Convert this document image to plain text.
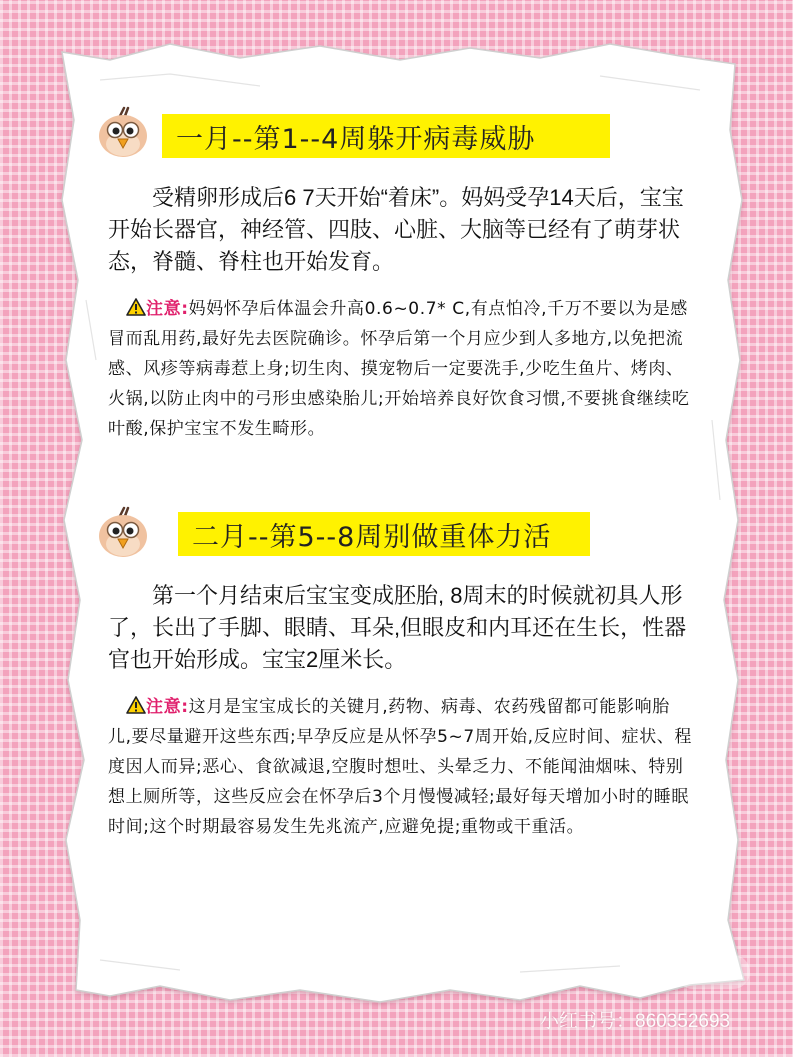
一月--第1--4周躲开病毒威胁

受精卵形成后6 7天开始“着床”。妈妈受孕14天后，宝宝开始长器官，神经管、四肢、心脏、大脑等已经有了萌芽状态，脊髓、脊柱也开始发育。

注意:妈妈怀孕后体温会升高0.6~0.7* C,有点怕冷,千万不要以为是感冒而乱用药,最好先去医院确诊。怀孕后第一个月应少到人多地方,以免把流感、风疹等病毒惹上身;切生肉、摸宠物后一定要洗手,少吃生鱼片、烤肉、火锅,以防止肉中的弓形虫感染胎儿;开始培养良好饮食习惯,不要挑食继续吃叶酸,保护宝宝不发生畸形。

二月--第5--8周别做重体力活

第一个月结束后宝宝变成胚胎, 8周末的时候就初具人形了，长出了手脚、眼睛、耳朵,但眼皮和内耳还在生长，性器官也开始形成。宝宝2厘米长。

注意:这月是宝宝成长的关键月,药物、病毒、农药残留都可能影响胎儿,要尽量避开这些东西;早孕反应是从怀孕5~7周开始,反应时间、症状、程度因人而异;恶心、食欲减退,空腹时想吐、头晕乏力、不能闻油烟味、特别想上厕所等，这些反应会在怀孕后3个月慢慢减轻;最好每天增加小时的睡眠时间;这个时期最容易发生先兆流产,应避免提;重物或干重活。

小红书
小红书号：860352693
